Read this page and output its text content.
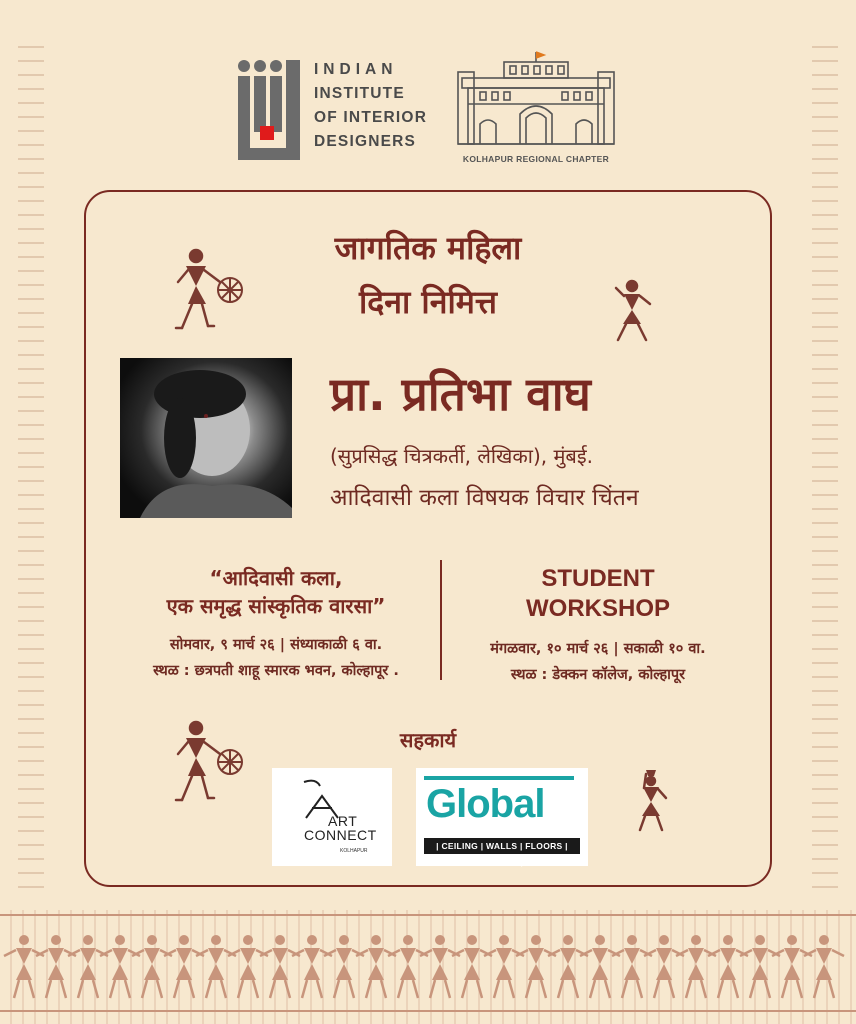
INDIAN
INSTITUTE
OF INTERIOR
DESIGNERS
KOLHAPUR REGIONAL CHAPTER
जागतिक महिला
दिना निमित्त
प्रा. प्रतिभा वाघ
(सुप्रसिद्ध चित्रकर्ती, लेखिका), मुंबई.
आदिवासी कला विषयक विचार चिंतन
“आदिवासी कला,
एक समृद्ध सांस्कृतिक वारसा”
सोमवार, ९ मार्च २६ | संध्याकाळी ६ वा.
स्थळ : छत्रपती शाहू स्मारक भवन, कोल्हापूर .
STUDENT
WORKSHOP
मंगळवार, १० मार्च २६ | सकाळी १० वा.
स्थळ : डेक्कन कॉलेज, कोल्हापूर
सहकार्य
ART
CONNECT
KOLHAPUR
Global
| CEILING | WALLS | FLOORS | FACADE |
